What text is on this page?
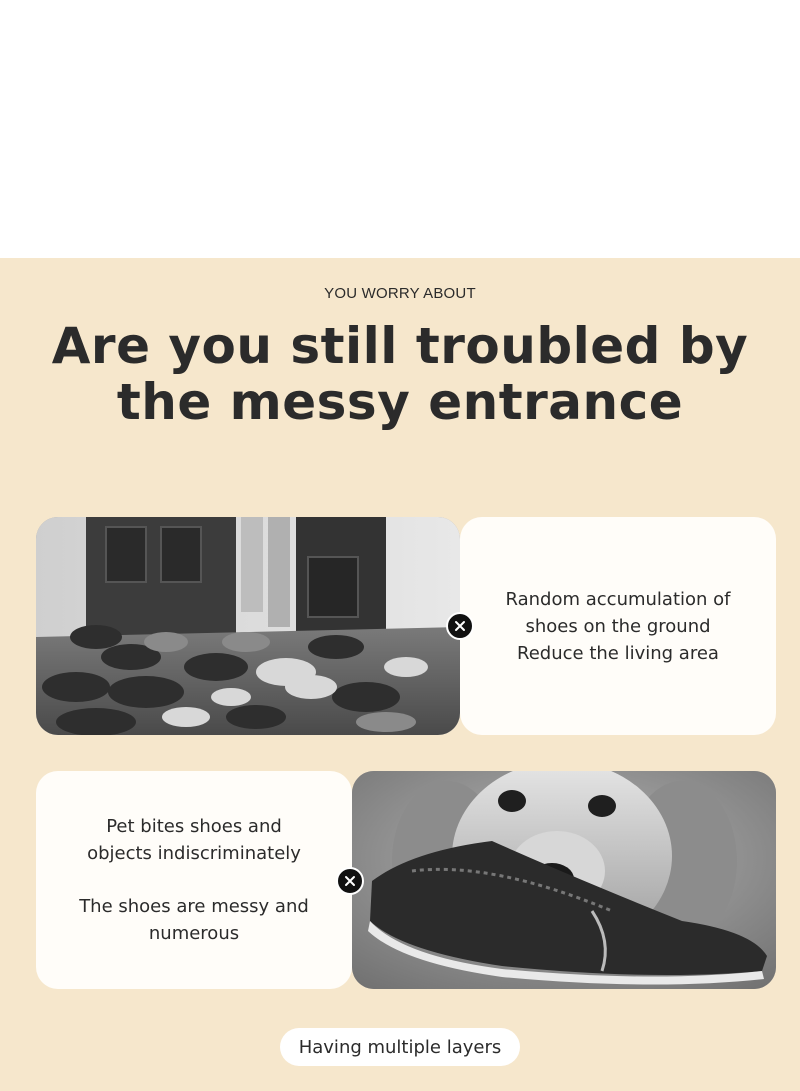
YOU WORRY ABOUT
Are you still troubled by
the messy entrance
Random accumulation of
shoes on the ground
Reduce the living area
Pet bites shoes and
objects indiscriminately
The shoes are messy and
numerous
Having multiple layers
